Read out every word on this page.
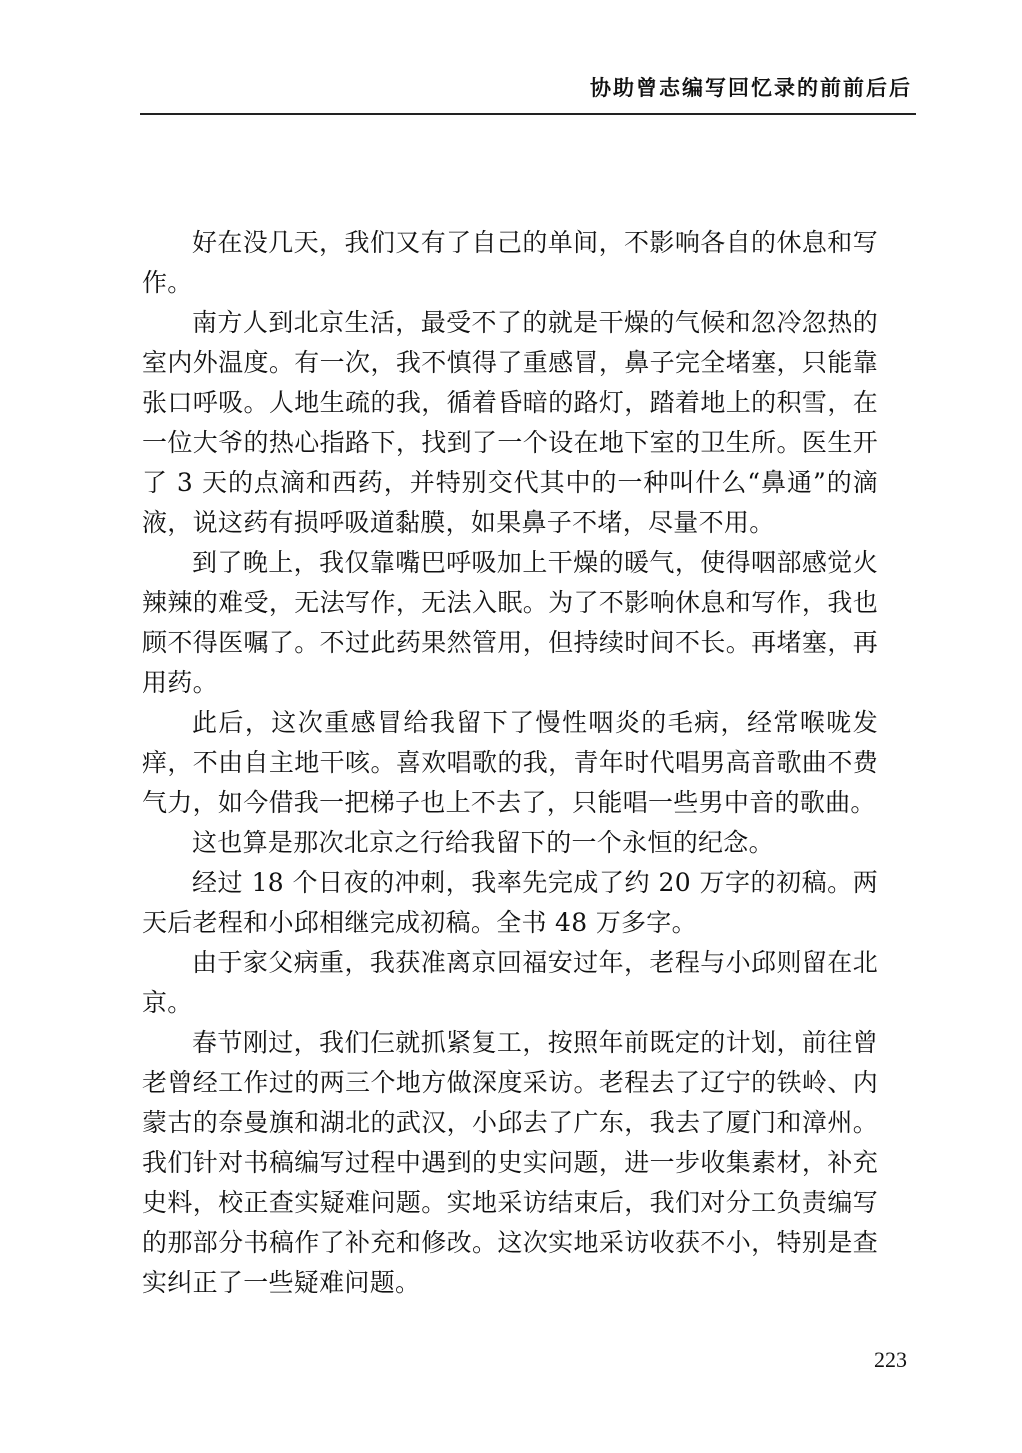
协助曾志编写回忆录的前前后后

好在没几天，我们又有了自己的单间，不影响各自的休息和写作。

南方人到北京生活，最受不了的就是干燥的气候和忽冷忽热的室内外温度。有一次，我不慎得了重感冒，鼻子完全堵塞，只能靠张口呼吸。人地生疏的我，循着昏暗的路灯，踏着地上的积雪，在一位大爷的热心指路下，找到了一个设在地下室的卫生所。医生开了 3 天的点滴和西药，并特别交代其中的一种叫什么“鼻通”的滴液，说这药有损呼吸道黏膜，如果鼻子不堵，尽量不用。

到了晚上，我仅靠嘴巴呼吸加上干燥的暖气，使得咽部感觉火辣辣的难受，无法写作，无法入眠。为了不影响休息和写作，我也顾不得医嘱了。不过此药果然管用，但持续时间不长。再堵塞，再用药。

此后，这次重感冒给我留下了慢性咽炎的毛病，经常喉咙发痒，不由自主地干咳。喜欢唱歌的我，青年时代唱男高音歌曲不费气力，如今借我一把梯子也上不去了，只能唱一些男中音的歌曲。

这也算是那次北京之行给我留下的一个永恒的纪念。

经过 18 个日夜的冲刺，我率先完成了约 20 万字的初稿。两天后老程和小邱相继完成初稿。全书 48 万多字。

由于家父病重，我获准离京回福安过年，老程与小邱则留在北京。

春节刚过，我们仨就抓紧复工，按照年前既定的计划，前往曾老曾经工作过的两三个地方做深度采访。老程去了辽宁的铁岭、内蒙古的奈曼旗和湖北的武汉，小邱去了广东，我去了厦门和漳州。我们针对书稿编写过程中遇到的史实问题，进一步收集素材，补充史料，校正查实疑难问题。实地采访结束后，我们对分工负责编写的那部分书稿作了补充和修改。这次实地采访收获不小，特别是查实纠正了一些疑难问题。

223
